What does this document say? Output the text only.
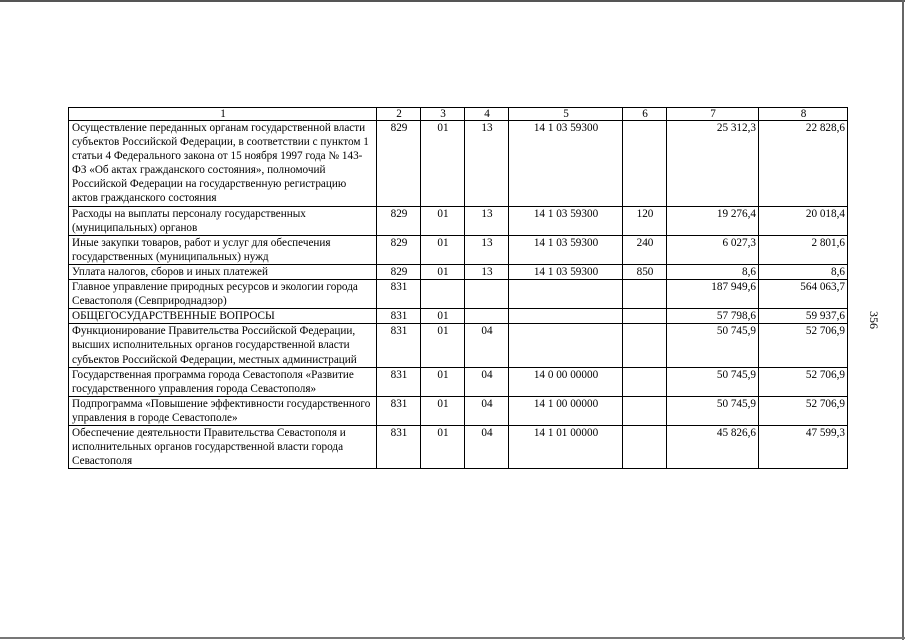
356
1	2	3	4	5	6	7	8
Осуществление переданных органам государственной власти субъектов Российской Федерации, в соответствии с пунктом 1 статьи 4 Федерального закона от 15 ноября 1997 года № 143-ФЗ «Об актах гражданского состояния», полномочий Российской Федерации на государственную регистрацию актов гражданского состояния	829	01	13	14 1 03 59300		25 312,3	22 828,6
Расходы на выплаты персоналу государственных (муниципальных) органов	829	01	13	14 1 03 59300	120	19 276,4	20 018,4
Иные закупки товаров, работ и услуг для обеспечения государственных (муниципальных) нужд	829	01	13	14 1 03 59300	240	6 027,3	2 801,6
Уплата налогов, сборов и иных платежей	829	01	13	14 1 03 59300	850	8,6	8,6
Главное управление природных ресурсов и экологии города Севастополя (Севприроднадзор)	831					187 949,6	564 063,7
ОБЩЕГОСУДАРСТВЕННЫЕ ВОПРОСЫ	831	01				57 798,6	59 937,6
Функционирование Правительства Российской Федерации, высших исполнительных органов государственной власти субъектов Российской Федерации, местных администраций	831	01	04			50 745,9	52 706,9
Государственная программа города Севастополя «Развитие государственного управления города Севастополя»	831	01	04	14 0 00 00000		50 745,9	52 706,9
Подпрограмма «Повышение эффективности государственного управления в городе Севастополе»	831	01	04	14 1 00 00000		50 745,9	52 706,9
Обеспечение деятельности Правительства Севастополя и исполнительных органов государственной власти города Севастополя	831	01	04	14 1 01 00000		45 826,6	47 599,3
